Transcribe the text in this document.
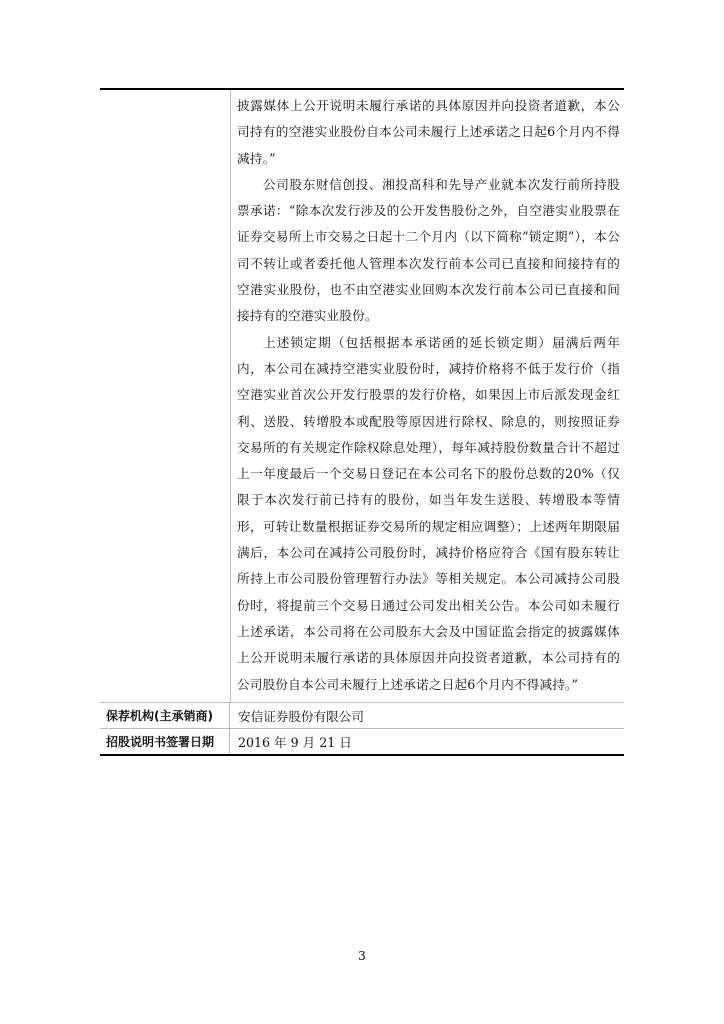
披露媒体上公开说明未履行承诺的具体原因并向投资者道歉，本公司持有的空港实业股份自本公司未履行上述承诺之日起6个月内不得减持。”

公司股东财信创投、湘投高科和先导产业就本次发行前所持股票承诺：“除本次发行涉及的公开发售股份之外，自空港实业股票在证券交易所上市交易之日起十二个月内（以下简称“锁定期”），本公司不转让或者委托他人管理本次发行前本公司已直接和间接持有的空港实业股份，也不由空港实业回购本次发行前本公司已直接和间接持有的空港实业股份。

上述锁定期（包括根据本承诺函的延长锁定期）届满后两年内，本公司在减持空港实业股份时，减持价格将不低于发行价（指空港实业首次公开发行股票的发行价格，如果因上市后派发现金红利、送股、转增股本或配股等原因进行除权、除息的，则按照证券交易所的有关规定作除权除息处理），每年减持股份数量合计不超过上一年度最后一个交易日登记在本公司名下的股份总数的20%（仅限于本次发行前已持有的股份，如当年发生送股、转增股本等情形，可转让数量根据证券交易所的规定相应调整）；上述两年期限届满后，本公司在减持公司股份时，减持价格应符合《国有股东转让所持上市公司股份管理暂行办法》等相关规定。本公司减持公司股份时，将提前三个交易日通过公司发出相关公告。本公司如未履行上述承诺，本公司将在公司股东大会及中国证监会指定的披露媒体上公开说明未履行承诺的具体原因并向投资者道歉，本公司持有的公司股份自本公司未履行上述承诺之日起6个月内不得减持。”

保荐机构(主承销商)	安信证券股份有限公司
招股说明书签署日期	2016 年 9 月 21 日
3
